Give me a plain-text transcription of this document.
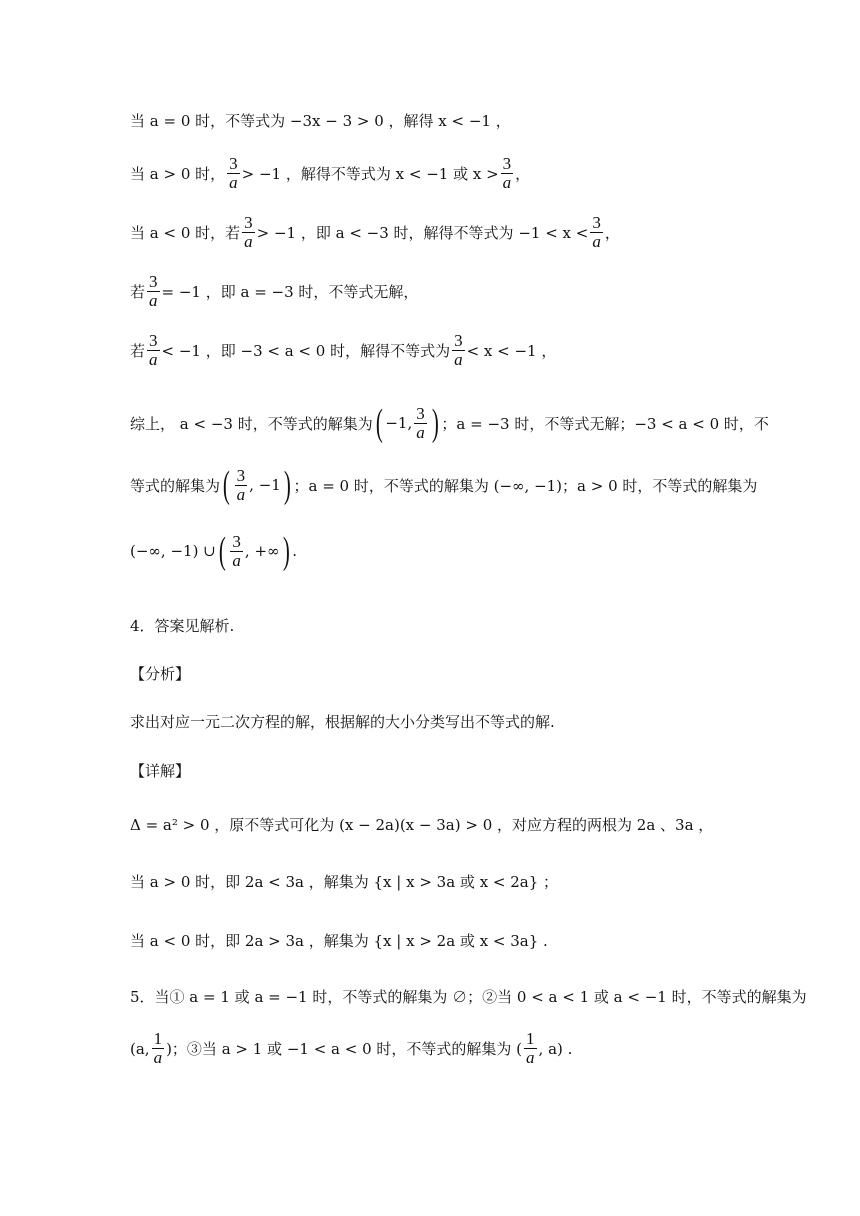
当 a = 0 时，不等式为 −3x − 3 > 0 ，解得 x < −1 ，
当 a > 0 时， $\frac{3}{a} > -1$ ，解得不等式为 x < −1 或 $x > \frac{3}{a}$ ，
当 a < 0 时，若 $\frac{3}{a} > -1$ ，即 a < −3 时，解得不等式为 $-1 < x < \frac{3}{a}$ ，
若 $\frac{3}{a} = -1$ ，即 a = −3 时，不等式无解，
若 $\frac{3}{a} < -1$ ，即 −3 < a < 0 时，解得不等式为 $\frac{3}{a} < x < -1$ ，
综上， a < −3 时，不等式的解集为 ( −1, $\frac{3}{a}$ ) ；a = −3 时，不等式无解；−3 < a < 0 时，不
等式的解集为 ( $\frac{3}{a}$ , −1 ) ；a = 0 时，不等式的解集为 (−∞, −1)；a > 0 时，不等式的解集为
(−∞, −1) ∪ ( $\frac{3}{a}$ , +∞ ) .
4．答案见解析.
【分析】
求出对应一元二次方程的解，根据解的大小分类写出不等式的解.
【详解】
Δ = a² > 0 ，原不等式可化为 (x − 2a)(x − 3a) > 0 ，对应方程的两根为 2a 、3a ，
当 a > 0 时，即 2a < 3a ，解集为 {x | x > 3a 或 x < 2a} ；
当 a < 0 时，即 2a > 3a ，解集为 {x | x > 2a 或 x < 3a} .
5．当① a = 1 或 a = −1 时，不等式的解集为 ∅；②当 0 < a < 1 或 a < −1 时，不等式的解集为
(a, $\frac{1}{a}$ )；③当 a > 1 或 −1 < a < 0 时，不等式的解集为 ( $\frac{1}{a}$ , a) .
